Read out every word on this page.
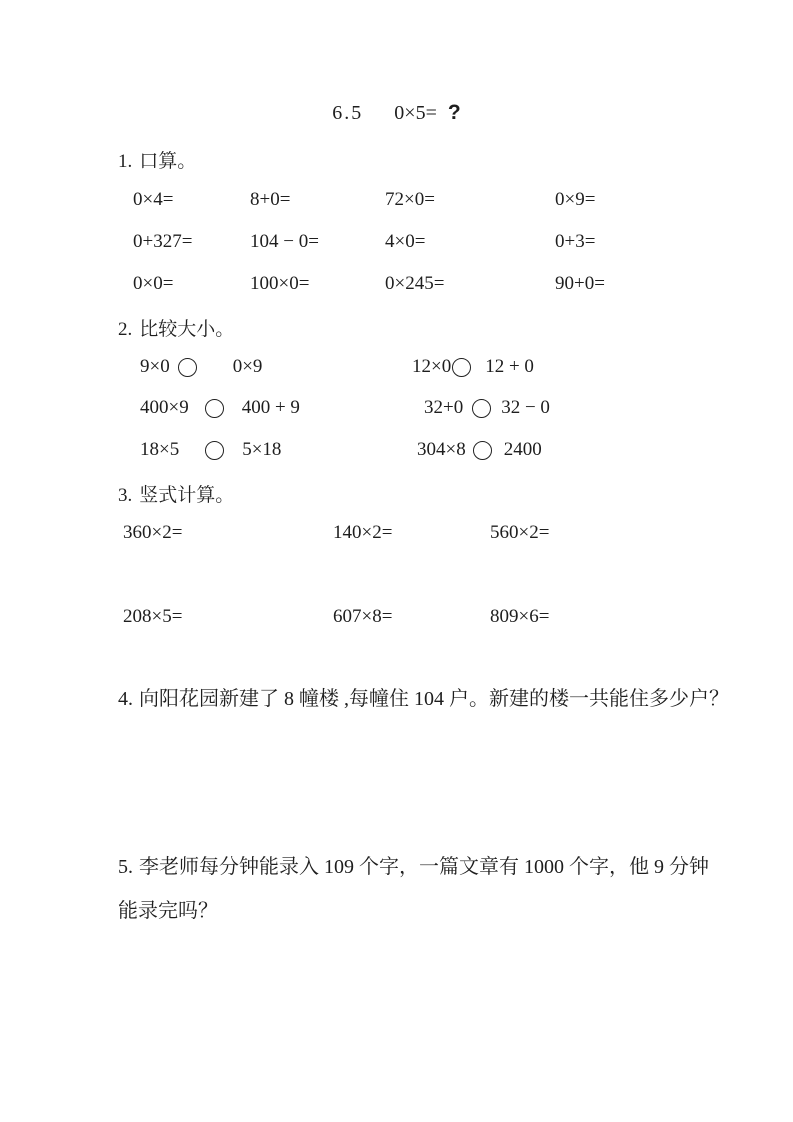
6.5 0×5= ?
1. 口算。
0×4=	8+0=	72×0=	0×9=
0+327=	104 − 0=	4×0=	0+3=
0×0=	100×0=	0×245=	90+0=
2. 比较大小。
9×0	0×9	12×0 12 + 0
400×9	400 + 9	32+0 32 − 0
18×5	5×18	304×8 2400
3. 竖式计算。
360×2=	140×2=	560×2=
208×5=	607×8=	809×6=
4. 向阳花园新建了 8 幢楼 ,每幢住 104 户。新建的楼一共能住多少户？
5. 李老师每分钟能录入 109 个字，一篇文章有 1000 个字，他 9 分钟
能录完吗？
